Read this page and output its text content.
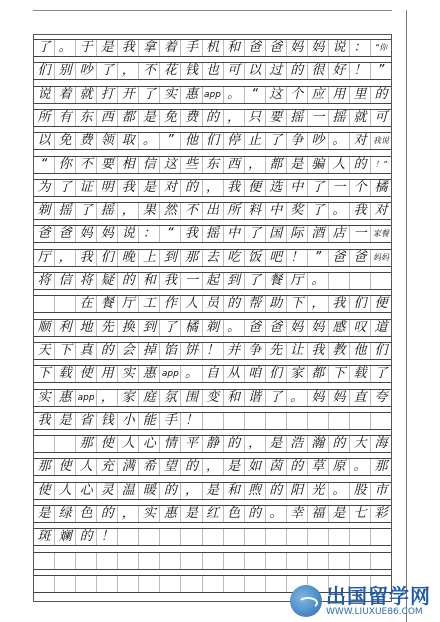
了 。 于 是 我 拿 着 手 机 和 爸 爸 妈 妈 说 ：	“你
们 别 吵 了 ， 不 花 钱 也 可 以 过 的 很 好 ！ ”
说 着 就 打 开 了 实 惠 app 。 “ 这 个 应 用 里 的
所 有 东 西 都 是 免 费 的 ， 只 要 摇 一 摇 就 可
以 免 费 领 取 。 ” 他 们 停 止 了 争 吵 。 对 我说
“ 你 不 要 相 信 这 些 东 西 ， 都 是 骗 人 的	！”
为 了 证 明 我 是 对 的 ， 我 便 选 中 了 一 个 橘
剃 摇 了 摇 ， 果 然 不 出 所 料 中 奖 了 。 我 对
爸 爸 妈 妈 说 ： “ 我 摇 中 了 国 际 酒 店 一 家餐
厅 ， 我 们 晚 上 到 那 去 吃 饭 吧 ！ ” 爸 爸 妈妈
将 信 将 疑 的 和 我 一 起 到 了 餐 厅 。
在 餐 厅 工 作 人 员 的 帮 助 下 ， 我 们 便
顺 利 地 先 换 到 了 橘 剃 。 爸 爸 妈 妈 感 叹 道
天 下 真 的 会 掉 馅 饼 ！ 并 争 先 让 我 教 他 们
下 载 使 用 实 惠 app 。 自 从 咱 们 家 都 下 载 了
实 惠 app ， 家 庭 氛 围 变 和 谐 了 。 妈 妈 直 夸
我 是 省 钱 小 能 手 ！
那 使 人 心 情 平 静 的 ， 是 浩 瀚 的 大 海
那 使 人 充 满 希 望 的 ， 是 如 茵 的 草 原 。 那
使 人 心 灵 温 暖 的 ， 是 和 煦 的 阳 光 。 股 市
是 绿 色 的 ， 实 惠 是 红 色 的 。 幸 福 是 七 彩
斑 斓 的 ！
出国留学网
WWW.LIUXUE86.COM
